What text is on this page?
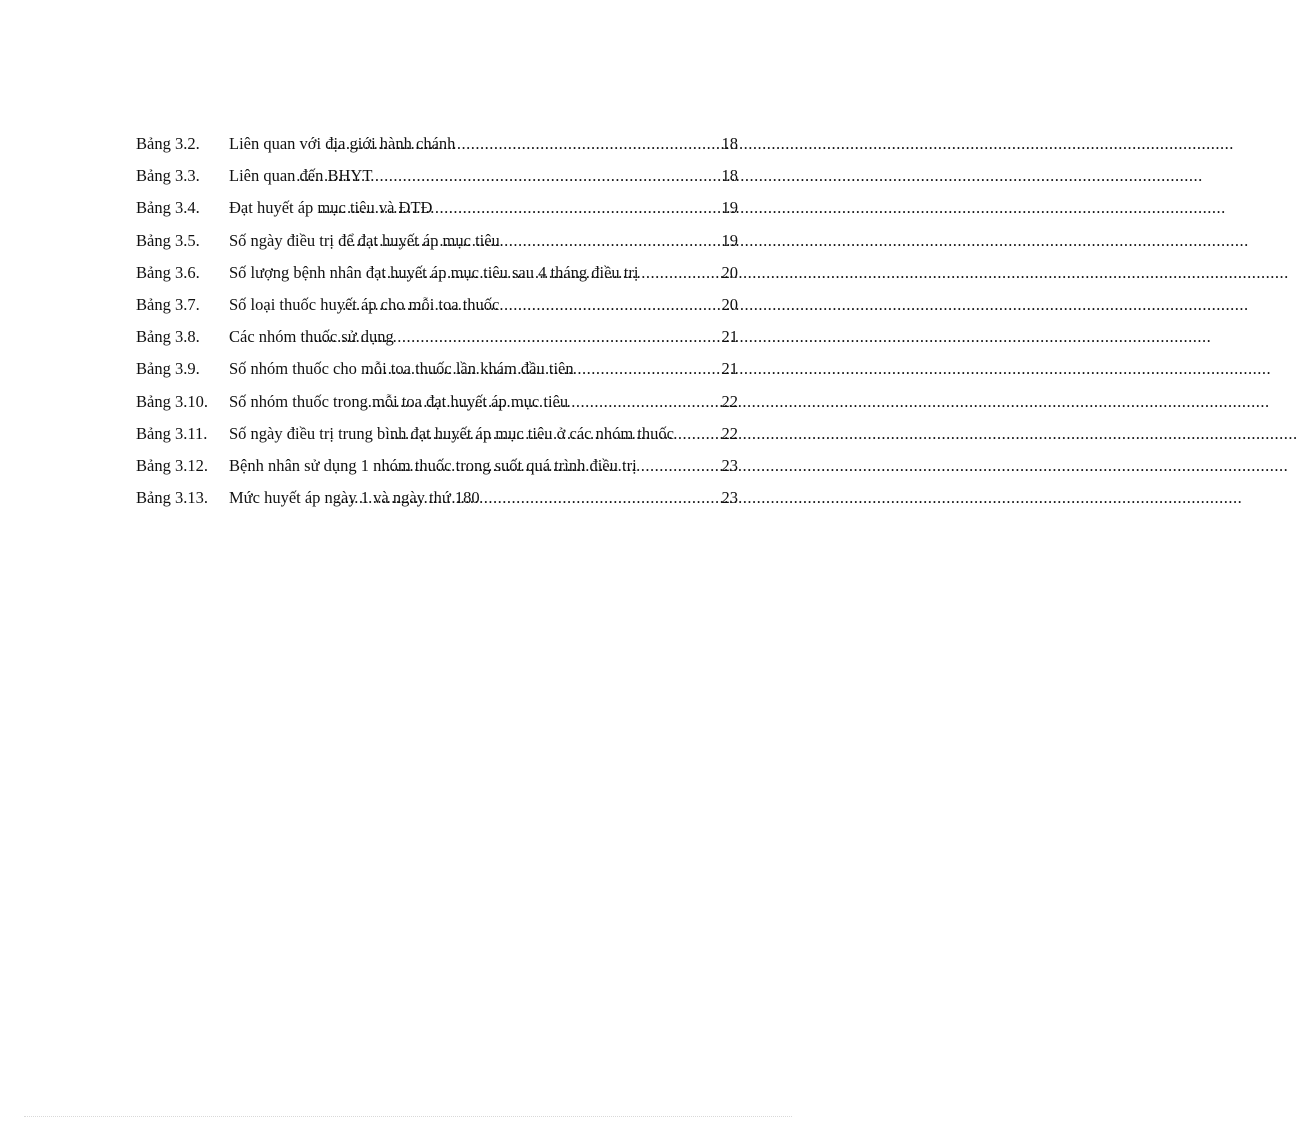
Bảng 3.2.	Liên quan với địa giới hành chánh .....	18
Bảng 3.3.	Liên quan đến BHYT .....	18
Bảng 3.4.	Đạt huyết áp mục tiêu và ĐTĐ .....	19
Bảng 3.5.	Số ngày điều trị để đạt huyết áp mục tiêu .....	19
Bảng 3.6.	Số lượng bệnh nhân đạt huyết áp mục tiêu sau 4 tháng điều trị .....	20
Bảng 3.7.	Số loại thuốc huyết áp cho mỗi toa thuốc .....	20
Bảng 3.8.	Các nhóm thuốc sử dụng .....	21
Bảng 3.9.	Số nhóm thuốc cho mỗi toa thuốc lần khám đầu tiên .....	21
Bảng 3.10.	Số nhóm thuốc trong mỗi toa đạt huyết áp mục tiêu .....	22
Bảng 3.11.	Số ngày điều trị trung bình đạt huyết áp mục tiêu ở các nhóm thuốc .....	22
Bảng 3.12.	Bệnh nhân sử dụng 1 nhóm thuốc trong suốt quá trình điều trị .....	23
Bảng 3.13.	Mức huyết áp ngày 1 và ngày thứ 180 .....	23
